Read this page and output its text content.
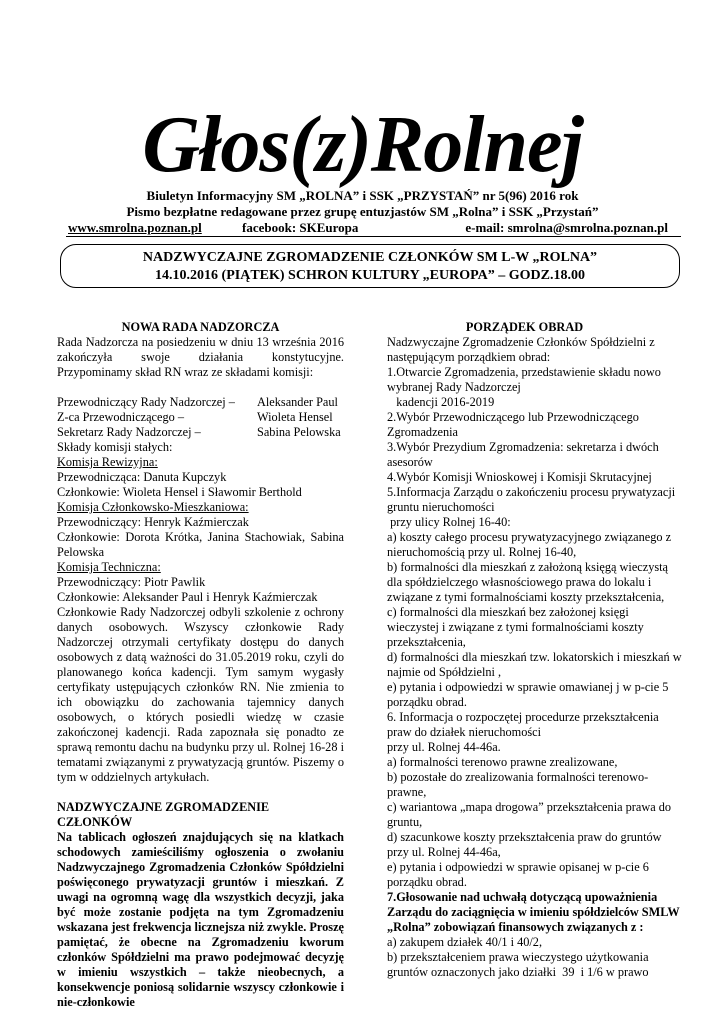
Głos(z)Rolnej
Biuletyn Informacyjny SM „ROLNA” i SSK „PRZYSTAŃ” nr 5(96) 2016 rok
Pismo bezpłatne redagowane przez grupę entuzjastów SM „Rolna” i SSK „Przystań”
www.smrolna.poznan.pl	facebook: SKEuropa	e-mail: smrolna@smrolna.poznan.pl
NADZWYCZAJNE ZGROMADZENIE CZŁONKÓW SM L-W „ROLNA”
14.10.2016 (PIĄTEK) SCHRON KULTURY „EUROPA” – GODZ.18.00

NOWA RADA NADZORCZA

Rada Nadzorcza na posiedzeniu w dniu 13 września 2016 zakończyła swoje działania konstytucyjne. Przypominamy skład RN wraz ze składami komisji:

Przewodniczący Rady Nadzorczej –	Aleksander Paul
Z-ca Przewodniczącego –	Wioleta Hensel
Sekretarz Rady Nadzorczej –	Sabina Pelowska

Składy komisji stałych:

Komisja Rewizyjna:

Przewodnicząca: Danuta Kupczyk

Członkowie: Wioleta Hensel i Sławomir Berthold

Komisja Członkowsko-Mieszkaniowa:

Przewodniczący: Henryk Kaźmierczak

Członkowie: Dorota Krótka, Janina Stachowiak, Sabina Pelowska

Komisja Techniczna:

Przewodniczący: Piotr Pawlik

Członkowie: Aleksander Paul i Henryk Kaźmierczak

Członkowie Rady Nadzorczej odbyli szkolenie z ochrony danych osobowych. Wszyscy członkowie Rady Nadzorczej otrzymali certyfikaty dostępu do danych osobowych z datą ważności do 31.05.2019 roku, czyli do planowanego końca kadencji. Tym samym wygasły certyfikaty ustępujących członków RN. Nie zmienia to ich obowiązku do zachowania tajemnicy danych osobowych, o których posiedli wiedzę w czasie zakończonej kadencji. Rada zapoznała się ponadto ze sprawą remontu dachu na budynku przy ul. Rolnej 16-28 i tematami związanymi z prywatyzacją gruntów. Piszemy o tym w oddzielnych artykułach.

NADZWYCZAJNE ZGROMADZENIE CZŁONKÓW

Na tablicach ogłoszeń znajdujących się na klatkach schodowych zamieściliśmy ogłoszenia o zwołaniu Nadzwyczajnego Zgromadzenia Członków Spółdzielni poświęconego prywatyzacji gruntów i mieszkań. Z uwagi na ogromną wagę dla wszystkich decyzji, jaka być może zostanie podjęta na tym Zgromadzeniu wskazana jest frekwencja licznejsza niż zwykle. Proszę pamiętać, że obecne na Zgromadzeniu kworum członków Spółdzielni ma prawo podejmować decyzję w imieniu wszystkich – także nieobecnych, a konsekwencje poniosą solidarnie wszyscy członkowie i nie-członkowie

PORZĄDEK OBRAD

Nadzwyczajne Zgromadzenie Członków Spółdzielni z

następującym porządkiem obrad:

1.Otwarcie Zgromadzenia, przedstawienie składu nowo

wybranej Rady Nadzorczej

kadencji 2016-2019

2.Wybór Przewodniczącego lub Przewodniczącego

Zgromadzenia

3.Wybór Prezydium Zgromadzenia: sekretarza i dwóch

asesorów

4.Wybór Komisji Wnioskowej i Komisji Skrutacyjnej

5.Informacja Zarządu o zakończeniu procesu prywatyzacji

gruntu nieruchomości

przy ulicy Rolnej 16-40:

a) koszty całego procesu prywatyzacyjnego związanego z

nieruchomością przy ul. Rolnej 16-40,

b) formalności dla mieszkań z założoną księgą wieczystą

dla spółdzielczego własnościowego prawa do lokalu i

związane z tymi formalnościami koszty przekształcenia,

c) formalności dla mieszkań bez założonej księgi

wieczystej i związane z tymi formalnościami koszty

przekształcenia,

d) formalności dla mieszkań tzw. lokatorskich i mieszkań w

najmie od Spółdzielni ,

e) pytania i odpowiedzi w sprawie omawianej j w p-cie 5

porządku obrad.

6. Informacja o rozpoczętej procedurze przekształcenia

praw do działek nieruchomości

przy ul. Rolnej 44-46a.

a) formalności terenowo prawne zrealizowane,

b) pozostałe do zrealizowania formalności terenowo-

prawne,

c) wariantowa „mapa drogowa” przekształcenia prawa do

gruntu,

d) szacunkowe koszty przekształcenia praw do gruntów

przy ul. Rolnej 44-46a,

e) pytania i odpowiedzi w sprawie opisanej w p-cie 6

porządku obrad.

7.Głosowanie nad uchwałą dotyczącą upoważnienia

Zarządu do zaciągnięcia w imieniu spółdzielców SMLW

„Rolna” zobowiązań finansowych związanych z :

a) zakupem działek 40/1 i 40/2,

b) przekształceniem prawa wieczystego użytkowania

gruntów oznaczonych jako działki  39  i 1/6 w prawo
